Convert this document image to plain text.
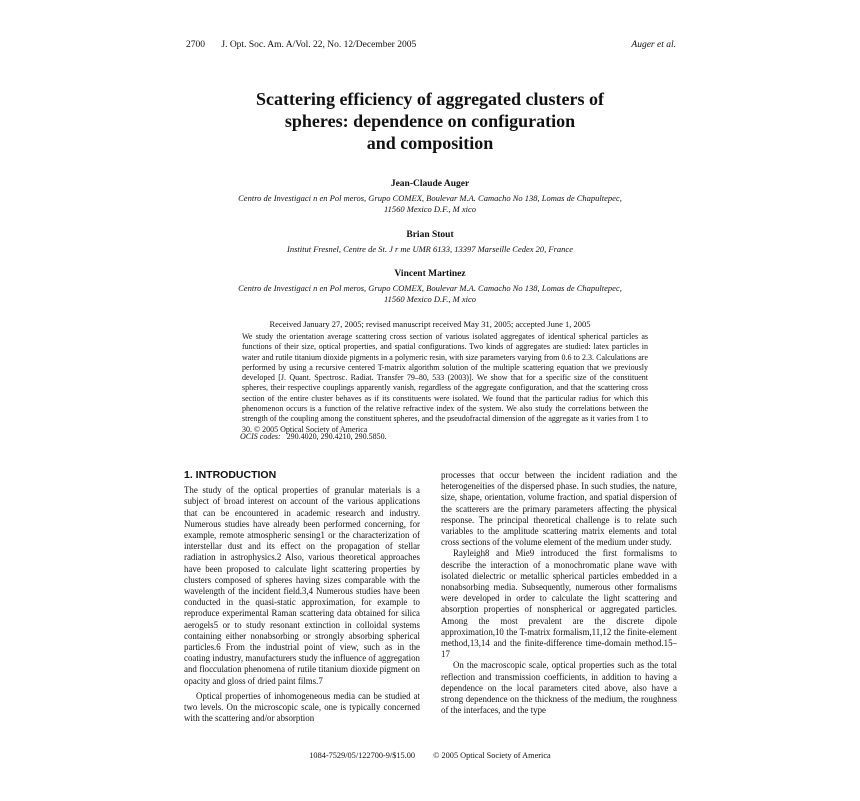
2700 J. Opt. Soc. Am. A/Vol. 22, No. 12/December 2005	Auger et al.
Scattering efficiency of aggregated clusters of
spheres: dependence on configuration
and composition
Jean-Claude Auger
Centro de Investigaci n en Pol meros, Grupo COMEX, Boulevar M.A. Camacho No 138, Lomas de Chapultepec,
11560 Mexico D.F., M xico
Brian Stout
Institut Fresnel, Centre de St. J r me UMR 6133, 13397 Marseille Cedex 20, France
Vincent Martinez
Centro de Investigaci n en Pol meros, Grupo COMEX, Boulevar M.A. Camacho No 138, Lomas de Chapultepec,
11560 Mexico D.F., M xico
Received January 27, 2005; revised manuscript received May 31, 2005; accepted June 1, 2005
We study the orientation average scattering cross section of various isolated aggregates of identical spherical particles as functions of their size, optical properties, and spatial configurations. Two kinds of aggregates are studied: latex particles in water and rutile titanium dioxide pigments in a polymeric resin, with size parameters varying from 0.6 to 2.3. Calculations are performed by using a recursive centered T-matrix algorithm solution of the multiple scattering equation that we previously developed [J. Quant. Spectrosc. Radiat. Transfer 79–80, 533 (2003)]. We show that for a specific size of the constituent spheres, their respective couplings apparently vanish, regardless of the aggregate configuration, and that the scattering cross section of the entire cluster behaves as if its constituents were isolated. We found that the particular radius for which this phenomenon occurs is a function of the relative refractive index of the system. We also study the correlations between the strength of the coupling among the constituent spheres, and the pseudofractal dimension of the aggregate as it varies from 1 to 30. © 2005 Optical Society of America
OCIS codes: 290.4020, 290.4210, 290.5850.
1. INTRODUCTION

The study of the optical properties of granular materials is a subject of broad interest on account of the various applications that can be encountered in academic research and industry. Numerous studies have already been performed concerning, for example, remote atmospheric sensing1 or the characterization of interstellar dust and its effect on the propagation of stellar radiation in astrophysics.2 Also, various theoretical approaches have been proposed to calculate light scattering properties by clusters composed of spheres having sizes comparable with the wavelength of the incident field.3,4 Numerous studies have been conducted in the quasi-static approximation, for example to reproduce experimental Raman scattering data obtained for silica aerogels5 or to study resonant extinction in colloidal systems containing either nonabsorbing or strongly absorbing spherical particles.6 From the industrial point of view, such as in the coating industry, manufacturers study the influence of aggregation and flocculation phenomena of rutile titanium dioxide pigment on opacity and gloss of dried paint films.7

Optical properties of inhomogeneous media can be studied at two levels. On the microscopic scale, one is typically concerned with the scattering and/or absorption

processes that occur between the incident radiation and the heterogeneities of the dispersed phase. In such studies, the nature, size, shape, orientation, volume fraction, and spatial dispersion of the scatterers are the primary parameters affecting the physical response. The principal theoretical challenge is to relate such variables to the amplitude scattering matrix elements and total cross sections of the volume element of the medium under study.

Rayleigh8 and Mie9 introduced the first formalisms to describe the interaction of a monochromatic plane wave with isolated dielectric or metallic spherical particles embedded in a nonabsorbing media. Subsequently, numerous other formalisms were developed in order to calculate the light scattering and absorption properties of nonspherical or aggregated particles. Among the most prevalent are the discrete dipole approximation,10 the T-matrix formalism,11,12 the finite-element method,13,14 and the finite-difference time-domain method.15–17

On the macroscopic scale, optical properties such as the total reflection and transmission coefficients, in addition to having a dependence on the local parameters cited above, also have a strong dependence on the thickness of the medium, the roughness of the interfaces, and the type

1084-7529/05/122700-9/$15.00 © 2005 Optical Society of America
